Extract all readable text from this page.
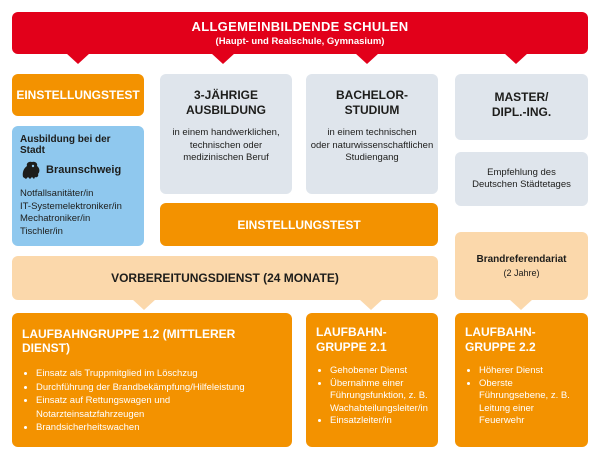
ALLGEMEINBILDENDE SCHULEN
(Haupt- und Realschule, Gymnasium)
EINSTELLUNGSTEST
Ausbildung bei der Stadt
Braunschweig
Notfallsanitäter/in
IT-Systemelektroniker/in
Mechatroniker/in
Tischler/in
3-JÄHRIGE
AUSBILDUNG
in einem handwerklichen,
technischen oder
medizinischen Beruf
BACHELOR-
STUDIUM
in einem technischen
oder naturwissenschaftlichen
Studiengang
MASTER/
DIPL.-ING.
Empfehlung des
Deutschen Städtetages
Brandreferendariat
(2 Jahre)
EINSTELLUNGSTEST
VORBEREITUNGSDIENST (24 MONATE)
LAUFBAHNGRUPPE 1.2 (MITTLERER DIENST)
• Einsatz als Truppmitglied im Löschzug
• Durchführung der Brandbekämpfung/Hilfeleistung
• Einsatz auf Rettungswagen und Notarzteinsatzfahrzeugen
• Brandsicherheitswachen
LAUFBAHN-
GRUPPE 2.1
• Gehobener Dienst
• Übernahme einer Führungsfunktion, z. B. Wachabteilungsleiter/in
• Einsatzleiter/in
LAUFBAHN-
GRUPPE 2.2
• Höherer Dienst
• Oberste Führungsebene, z. B. Leitung einer Feuerwehr
